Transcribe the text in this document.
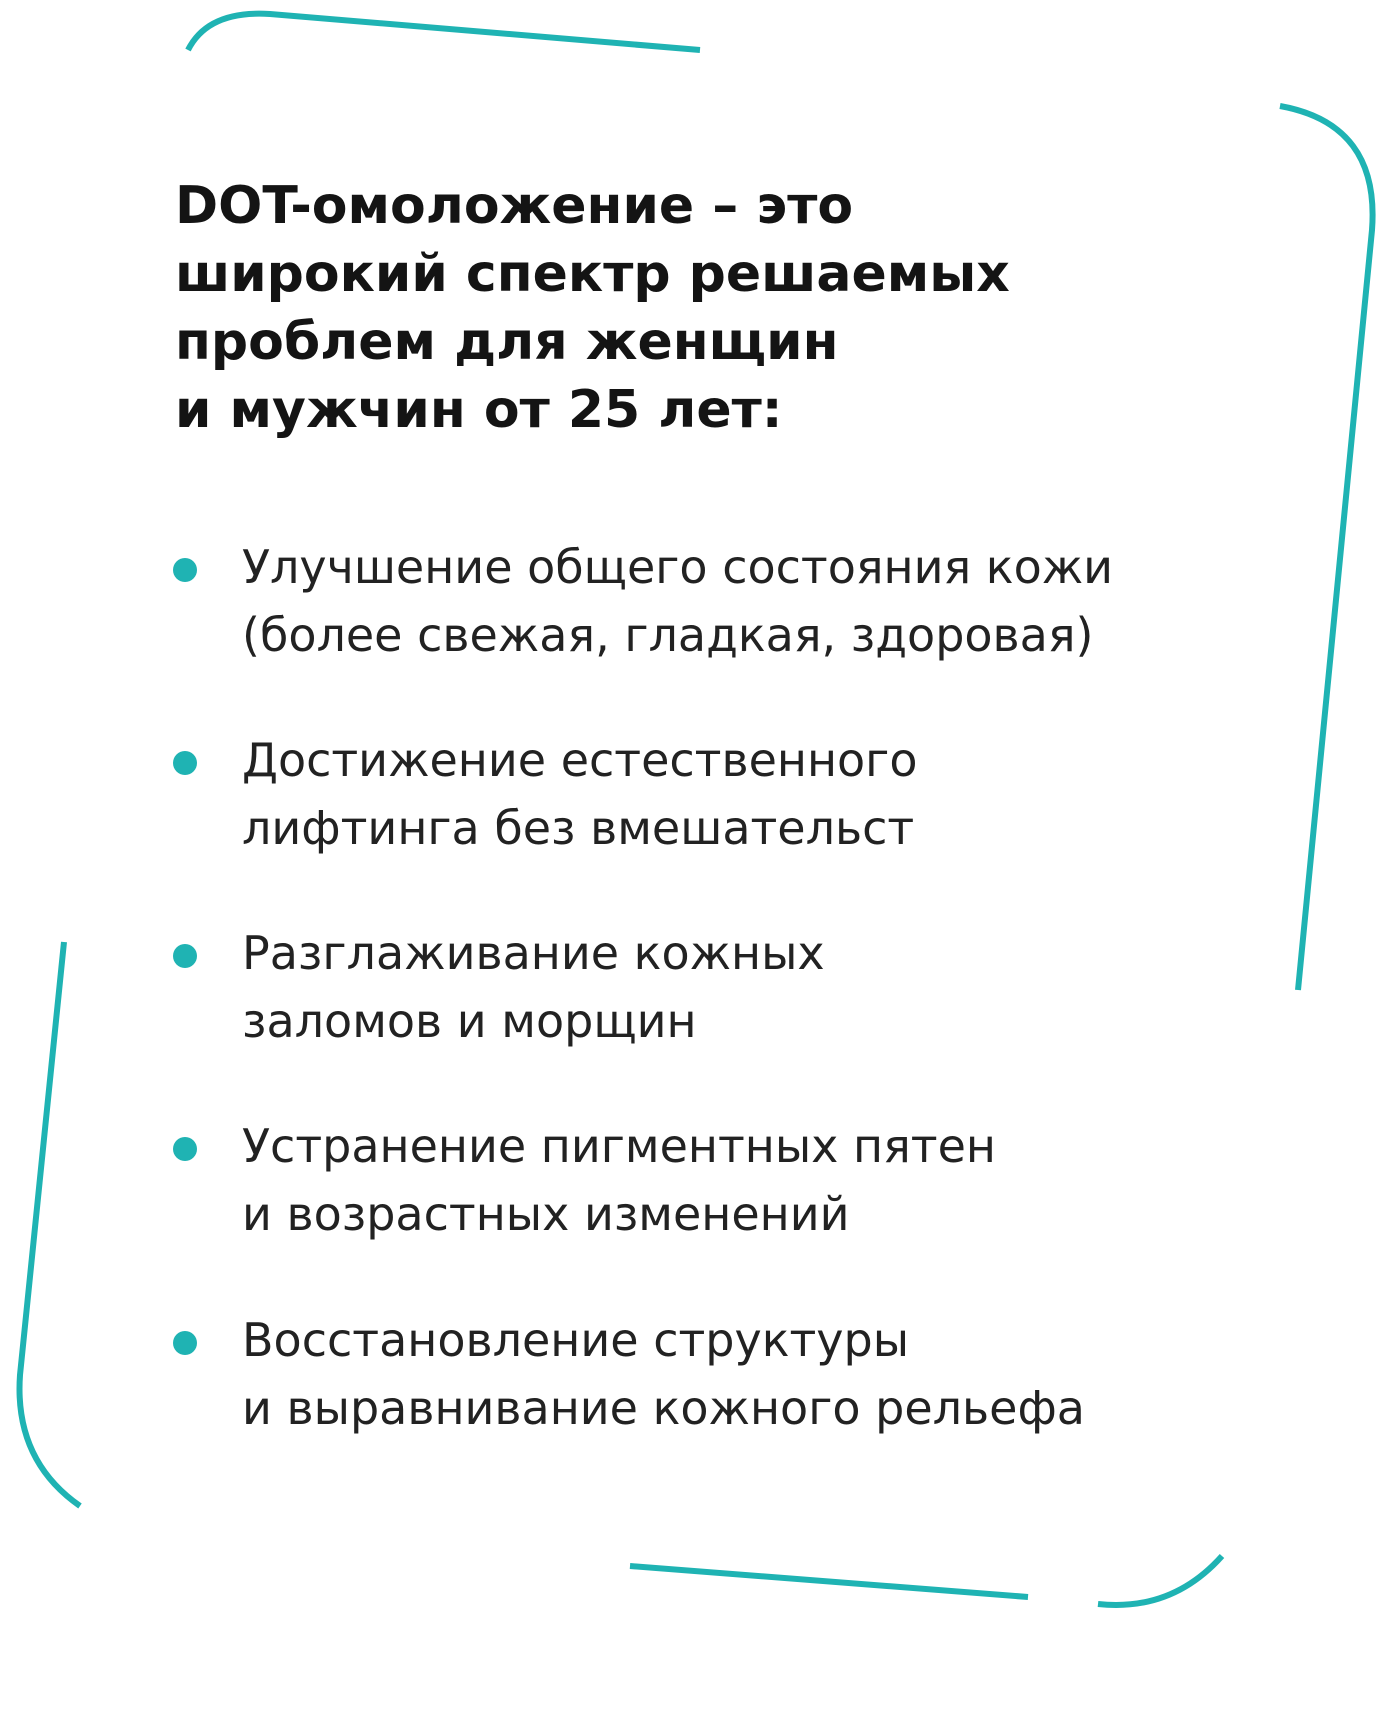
DOT-омоложение – это
широкий спектр решаемых
проблем для женщин
и мужчин от 25 лет:
Улучшение общего состояния кожи
(более свежая, гладкая, здоровая)
Достижение естественного
лифтинга без вмешательст
Разглаживание кожных
заломов и морщин
Устранение пигментных пятен
и возрастных изменений
Восстановление структуры
и выравнивание кожного рельефа
